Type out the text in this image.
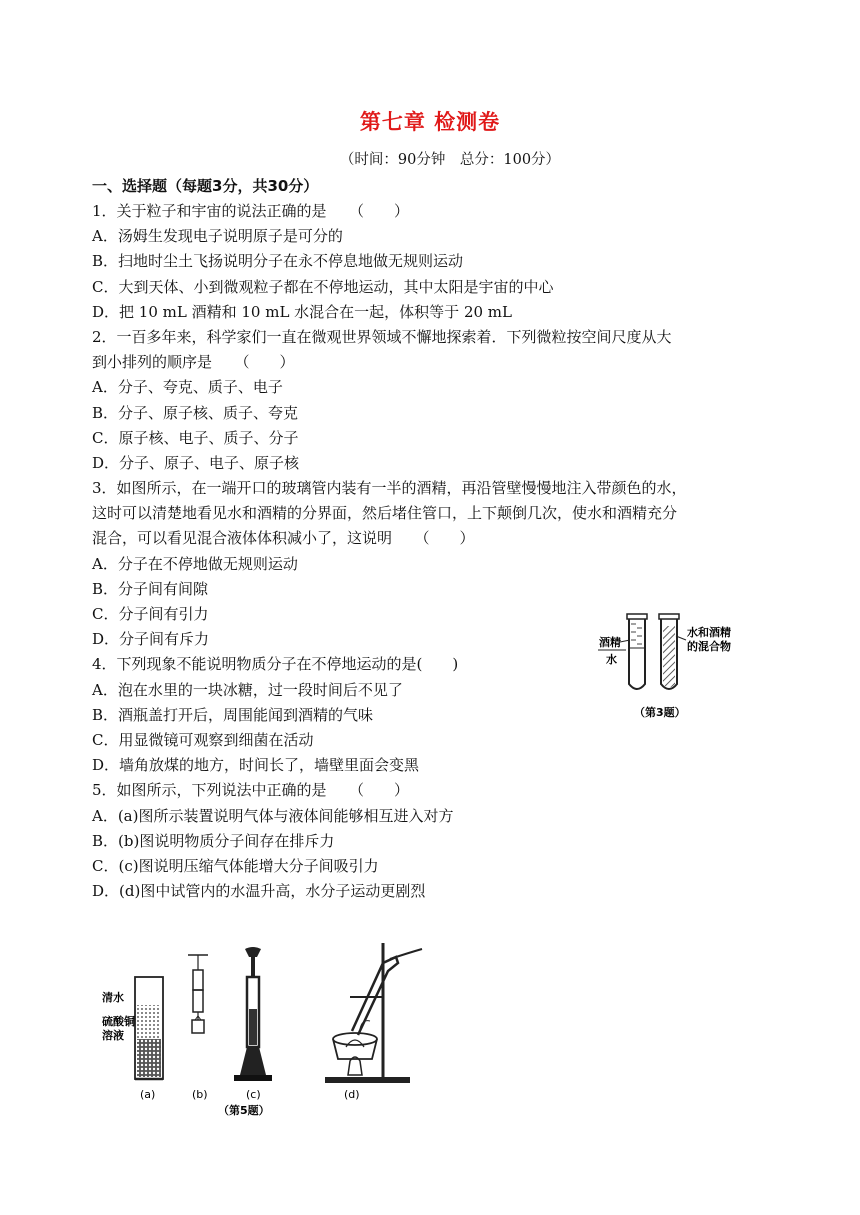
第七章 检测卷
（时间：90分钟　总分：100分）
一、选择题（每题3分，共30分）
1．关于粒子和宇宙的说法正确的是　　（　　）
A．汤姆生发现电子说明原子是可分的
B．扫地时尘土飞扬说明分子在永不停息地做无规则运动
C．大到天体、小到微观粒子都在不停地运动，其中太阳是宇宙的中心
D．把 10 mL 酒精和 10 mL 水混合在一起，体积等于 20 mL
2．一百多年来，科学家们一直在微观世界领域不懈地探索着．下列微粒按空间尺度从大
到小排列的顺序是　　（　　）
A．分子、夸克、质子、电子
B．分子、原子核、质子、夸克
C．原子核、电子、质子、分子
D．分子、原子、电子、原子核
3．如图所示，在一端开口的玻璃管内装有一半的酒精，再沿管壁慢慢地注入带颜色的水，
这时可以清楚地看见水和酒精的分界面，然后堵住管口，上下颠倒几次，使水和酒精充分
混合，可以看见混合液体体积减小了，这说明　　（　　）
A．分子在不停地做无规则运动
B．分子间有间隙
C．分子间有引力
D．分子间有斥力
4．下列现象不能说明物质分子在不停地运动的是(　　)
A．泡在水里的一块冰糖，过一段时间后不见了
B．酒瓶盖打开后，周围能闻到酒精的气味
C．用显微镜可观察到细菌在活动
D．墙角放煤的地方，时间长了，墙壁里面会变黑
5．如图所示，下列说法中正确的是　　（　　）
A．(a)图所示装置说明气体与液体间能够相互进入对方
B．(b)图说明物质分子间存在排斥力
C．(c)图说明压缩气体能增大分子间吸引力
D．(d)图中试管内的水温升高，水分子运动更剧烈
酒精
水
水和酒精
的混合物
（第3题）
清水
硫酸铜
溶液
(a)	(b)	(c)	(d)
（第5题）
